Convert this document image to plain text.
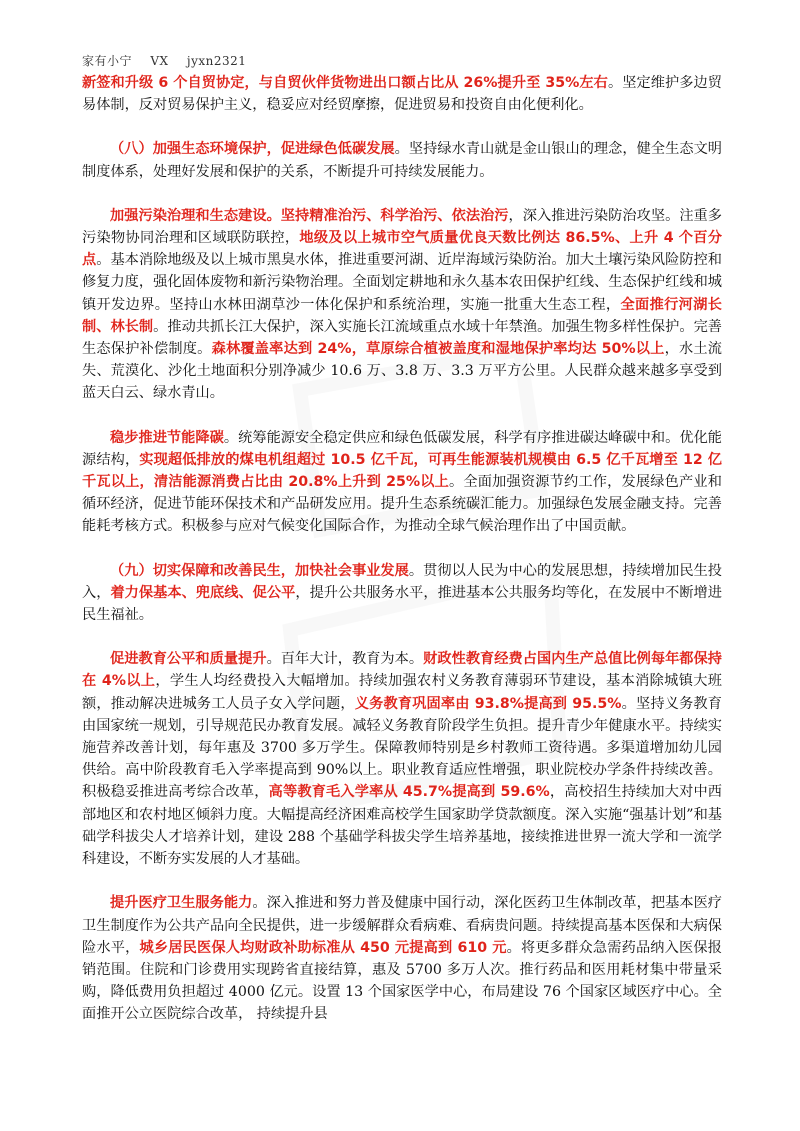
家有小宁 VX jyxn2321

新签和升级 6 个自贸协定，与自贸伙伴货物进出口额占比从 26%提升至 35%左右。坚定维护多边贸易体制，反对贸易保护主义，稳妥应对经贸摩擦，促进贸易和投资自由化便利化。

（八）加强生态环境保护，促进绿色低碳发展。坚持绿水青山就是金山银山的理念，健全生态文明制度体系，处理好发展和保护的关系，不断提升可持续发展能力。

加强污染治理和生态建设。坚持精准治污、科学治污、依法治污，深入推进污染防治攻坚。注重多污染物协同治理和区域联防联控，地级及以上城市空气质量优良天数比例达 86.5%、上升 4 个百分点。基本消除地级及以上城市黑臭水体，推进重要河湖、近岸海域污染防治。加大土壤污染风险防控和修复力度，强化固体废物和新污染物治理。全面划定耕地和永久基本农田保护红线、生态保护红线和城镇开发边界。坚持山水林田湖草沙一体化保护和系统治理，实施一批重大生态工程，全面推行河湖长制、林长制。推动共抓长江大保护，深入实施长江流域重点水域十年禁渔。加强生物多样性保护。完善生态保护补偿制度。森林覆盖率达到 24%，草原综合植被盖度和湿地保护率均达 50%以上，水土流失、荒漠化、沙化土地面积分别净减少 10.6 万、3.8 万、3.3 万平方公里。人民群众越来越多享受到蓝天白云、绿水青山。

稳步推进节能降碳。统筹能源安全稳定供应和绿色低碳发展，科学有序推进碳达峰碳中和。优化能源结构，实现超低排放的煤电机组超过 10.5 亿千瓦，可再生能源装机规模由 6.5 亿千瓦增至 12 亿千瓦以上，清洁能源消费占比由 20.8%上升到 25%以上。全面加强资源节约工作，发展绿色产业和循环经济，促进节能环保技术和产品研发应用。提升生态系统碳汇能力。加强绿色发展金融支持。完善能耗考核方式。积极参与应对气候变化国际合作，为推动全球气候治理作出了中国贡献。

（九）切实保障和改善民生，加快社会事业发展。贯彻以人民为中心的发展思想，持续增加民生投入，着力保基本、兜底线、促公平，提升公共服务水平，推进基本公共服务均等化，在发展中不断增进民生福祉。

促进教育公平和质量提升。百年大计，教育为本。财政性教育经费占国内生产总值比例每年都保持在 4%以上，学生人均经费投入大幅增加。持续加强农村义务教育薄弱环节建设，基本消除城镇大班额，推动解决进城务工人员子女入学问题，义务教育巩固率由 93.8%提高到 95.5%。坚持义务教育由国家统一规划，引导规范民办教育发展。减轻义务教育阶段学生负担。提升青少年健康水平。持续实施营养改善计划，每年惠及 3700 多万学生。保障教师特别是乡村教师工资待遇。多渠道增加幼儿园供给。高中阶段教育毛入学率提高到 90%以上。职业教育适应性增强，职业院校办学条件持续改善。积极稳妥推进高考综合改革，高等教育毛入学率从 45.7%提高到 59.6%，高校招生持续加大对中西部地区和农村地区倾斜力度。大幅提高经济困难高校学生国家助学贷款额度。深入实施“强基计划”和基础学科拔尖人才培养计划，建设 288 个基础学科拔尖学生培养基地，接续推进世界一流大学和一流学科建设，不断夯实发展的人才基础。

提升医疗卫生服务能力。深入推进和努力普及健康中国行动，深化医药卫生体制改革，把基本医疗卫生制度作为公共产品向全民提供，进一步缓解群众看病难、看病贵问题。持续提高基本医保和大病保险水平，城乡居民医保人均财政补助标准从 450 元提高到 610 元。将更多群众急需药品纳入医保报销范围。住院和门诊费用实现跨省直接结算，惠及 5700 多万人次。推行药品和医用耗材集中带量采购，降低费用负担超过 4000 亿元。设置 13 个国家医学中心，布局建设 76 个国家区域医疗中心。全面推开公立医院综合改革， 持续提升县
